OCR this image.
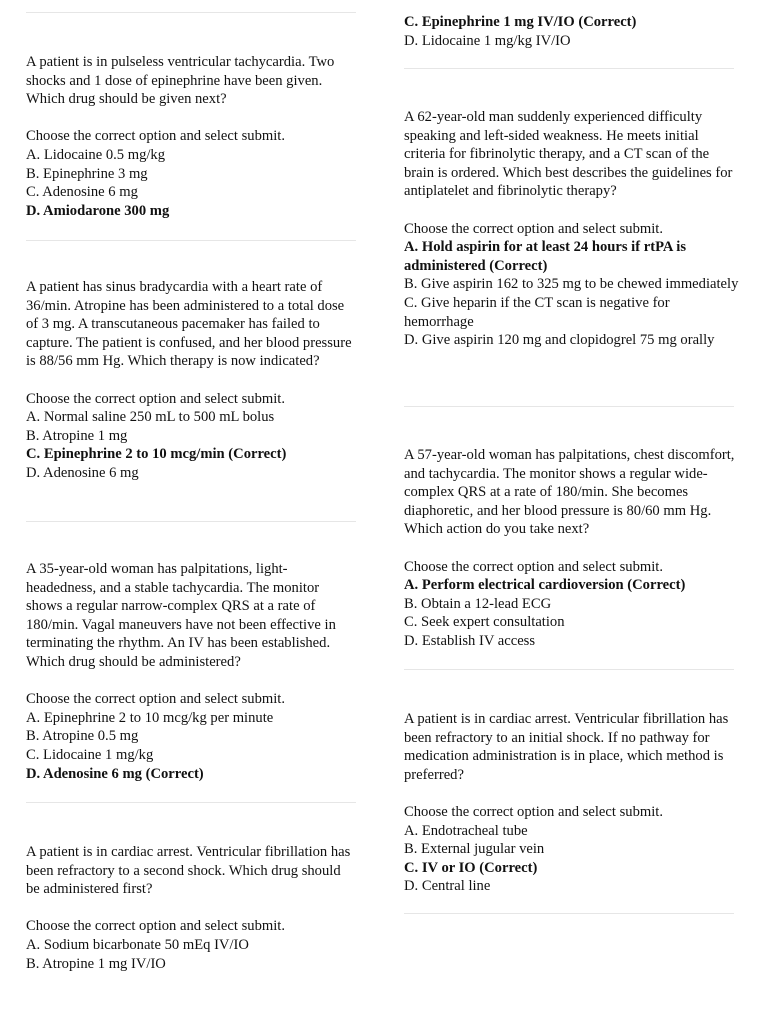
A patient is in pulseless ventricular tachycardia. Two shocks and 1 dose of epinephrine have been given. Which drug should be given next?

Choose the correct option and select submit.

A. Lidocaine 0.5 mg/kg

B. Epinephrine 3 mg

C. Adenosine 6 mg

D. Amiodarone 300 mg

A patient has sinus bradycardia with a heart rate of 36/min. Atropine has been administered to a total dose of 3 mg. A transcutaneous pacemaker has failed to capture. The patient is confused, and her blood pressure is 88/56 mm Hg. Which therapy is now indicated?

Choose the correct option and select submit.

A. Normal saline 250 mL to 500 mL bolus

B. Atropine 1 mg

C. Epinephrine 2 to 10 mcg/min (Correct)

D. Adenosine 6 mg

A 35-year-old woman has palpitations, light-headedness, and a stable tachycardia. The monitor shows a regular narrow-complex QRS at a rate of 180/min. Vagal maneuvers have not been effective in terminating the rhythm. An IV has been established. Which drug should be administered?

Choose the correct option and select submit.

A. Epinephrine 2 to 10 mcg/kg per minute

B. Atropine 0.5 mg

C. Lidocaine 1 mg/kg

D. Adenosine 6 mg (Correct)

A patient is in cardiac arrest. Ventricular fibrillation has been refractory to a second shock. Which drug should be administered first?

Choose the correct option and select submit.

A. Sodium bicarbonate 50 mEq IV/IO

B. Atropine 1 mg IV/IO

C. Epinephrine 1 mg IV/IO (Correct)

D. Lidocaine 1 mg/kg IV/IO

A 62-year-old man suddenly experienced difficulty speaking and left-sided weakness. He meets initial criteria for fibrinolytic therapy, and a CT scan of the brain is ordered. Which best describes the guidelines for antiplatelet and fibrinolytic therapy?

Choose the correct option and select submit.

A. Hold aspirin for at least 24 hours if rtPA is administered (Correct)

B. Give aspirin 162 to 325 mg to be chewed immediately

C. Give heparin if the CT scan is negative for hemorrhage

D. Give aspirin 120 mg and clopidogrel 75 mg orally

A 57-year-old woman has palpitations, chest discomfort, and tachycardia. The monitor shows a regular wide-complex QRS at a rate of 180/min. She becomes diaphoretic, and her blood pressure is 80/60 mm Hg. Which action do you take next?

Choose the correct option and select submit.

A. Perform electrical cardioversion (Correct)

B. Obtain a 12-lead ECG

C. Seek expert consultation

D. Establish IV access

A patient is in cardiac arrest. Ventricular fibrillation has been refractory to an initial shock. If no pathway for medication administration is in place, which method is preferred?

Choose the correct option and select submit.

A. Endotracheal tube

B. External jugular vein

C. IV or IO (Correct)

D. Central line
